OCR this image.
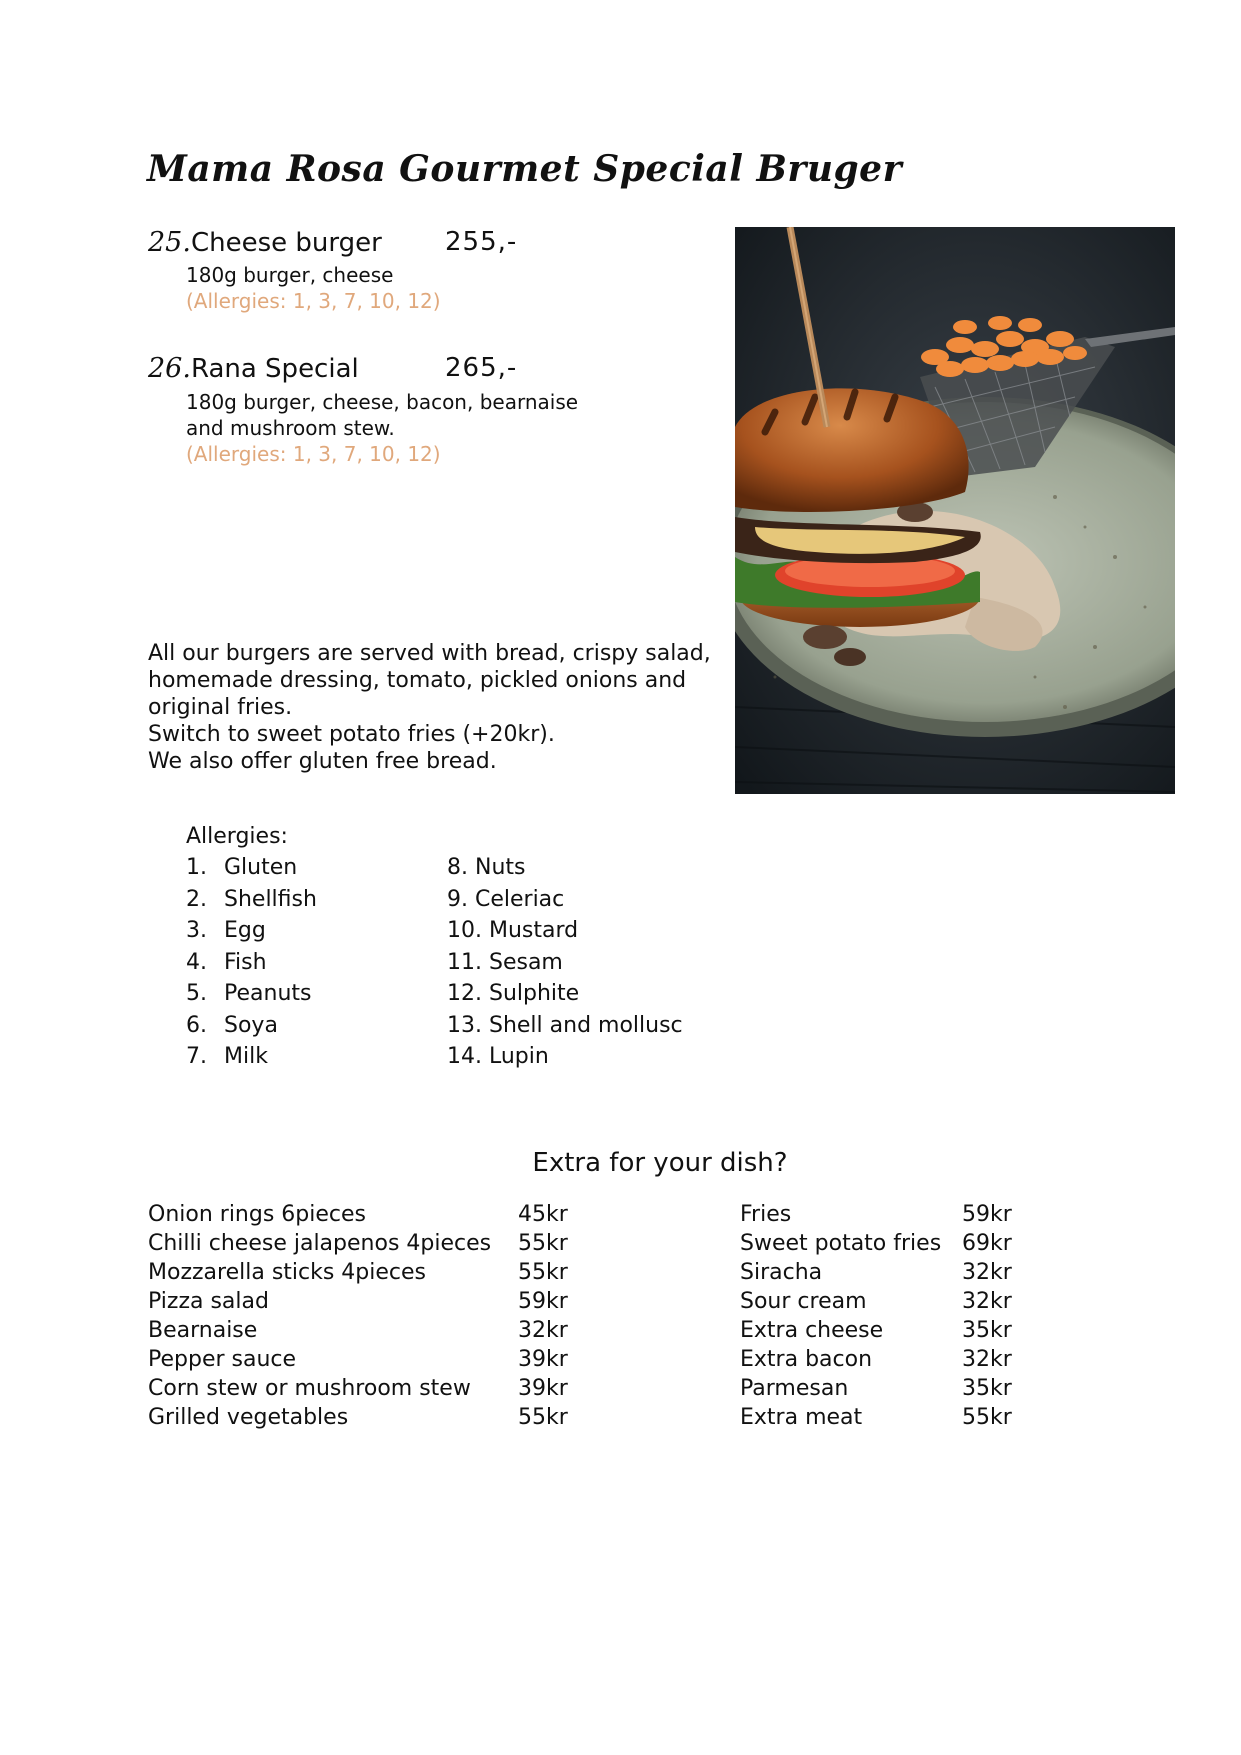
Mama Rosa Gourmet Special Bruger
25.Cheese burger 255,-
180g burger, cheese
(Allergies: 1, 3, 7, 10, 12)
26.Rana Special	265,-
180g burger, cheese, bacon, bearnaise
and mushroom stew.
(Allergies: 1, 3, 7, 10, 12)
All our burgers are served with bread, crispy salad,
homemade dressing, tomato, pickled onions and
original fries.
Switch to sweet potato fries (+20kr).
We also offer gluten free bread.
Allergies:
1. Gluten
2. Shellfish
3. Egg
4. Fish
5. Peanuts
6. Soya
7. Milk
8. Nuts
9. Celeriac
10. Mustard
11. Sesam
12. Sulphite
13. Shell and mollusc
14. Lupin
Extra for your dish?
Onion rings 6pieces	45kr
Chilli cheese jalapenos 4pieces 55kr
Mozzarella sticks 4pieces	55kr
Pizza salad	59kr
Bearnaise	32kr
Pepper sauce	39kr
Corn stew or mushroom stew 39kr
Grilled vegetables	55kr
Fries	59kr
Sweet potato fries 69kr
Siracha	32kr
Sour cream	32kr
Extra cheese	35kr
Extra bacon	32kr
Parmesan	35kr
Extra meat	55kr
